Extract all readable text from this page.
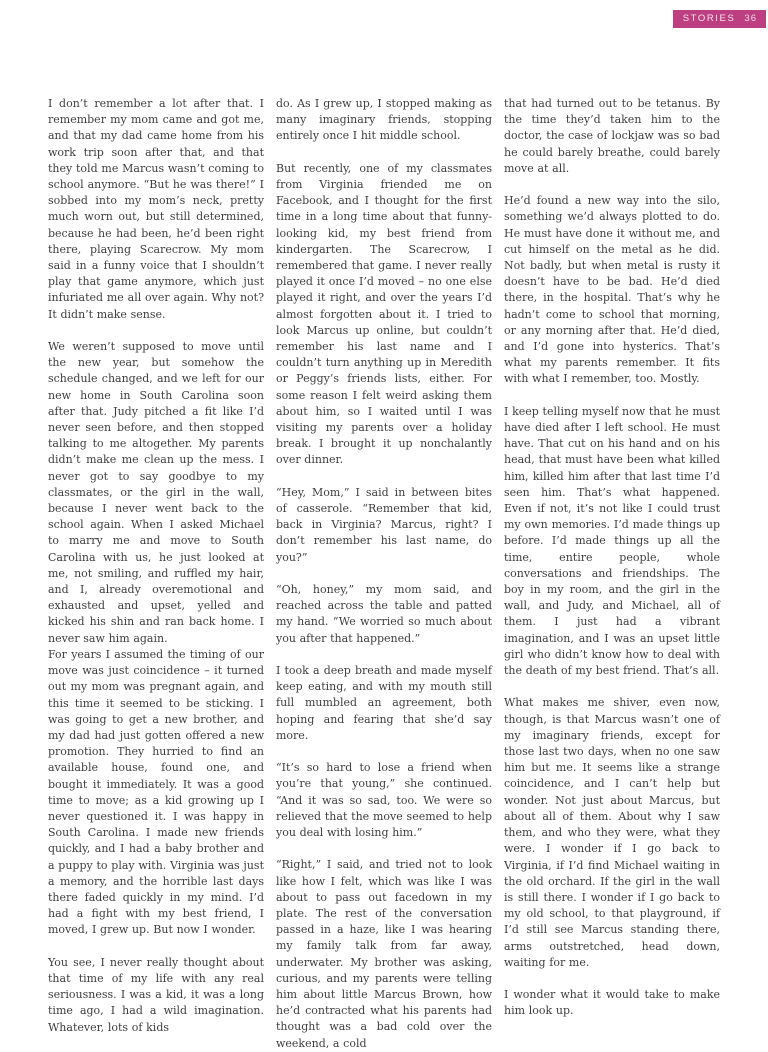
STORIES 36

I don’t remember a lot after that. I remember my mom came and got me, and that my dad came home from his work trip soon after that, and that they told me Marcus wasn’t coming to school anymore. “But he was there!” I sobbed into my mom’s neck, pretty much worn out, but still determined, because he had been, he’d been right there, playing Scarecrow. My mom said in a funny voice that I shouldn’t play that game anymore, which just infuriated me all over again. Why not? It didn’t make sense.

We weren’t supposed to move until the new year, but somehow the schedule changed, and we left for our new home in South Carolina soon after that. Judy pitched a fit like I’d never seen before, and then stopped talking to me altogether. My parents didn’t make me clean up the mess. I never got to say goodbye to my classmates, or the girl in the wall, because I never went back to the school again. When I asked Michael to marry me and move to South Carolina with us, he just looked at me, not smiling, and ruffled my hair, and I, already overemotional and exhausted and upset, yelled and kicked his shin and ran back home. I never saw him again.

For years I assumed the timing of our move was just coincidence – it turned out my mom was pregnant again, and this time it seemed to be sticking. I was going to get a new brother, and my dad had just gotten offered a new promotion. They hurried to find an available house, found one, and bought it immediately. It was a good time to move; as a kid growing up I never questioned it. I was happy in South Carolina. I made new friends quickly, and I had a baby brother and a puppy to play with. Virginia was just a memory, and the horrible last days there faded quickly in my mind. I’d had a fight with my best friend, I moved, I grew up. But now I wonder.

You see, I never really thought about that time of my life with any real seriousness. I was a kid, it was a long time ago, I had a wild imagination. Whatever, lots of kids

do. As I grew up, I stopped making as many imaginary friends, stopping entirely once I hit middle school.

But recently, one of my classmates from Virginia friended me on Facebook, and I thought for the first time in a long time about that funny-looking kid, my best friend from kindergarten. The Scarecrow, I remembered that game. I never really played it once I’d moved – no one else played it right, and over the years I’d almost forgotten about it. I tried to look Marcus up online, but couldn’t remember his last name and I couldn’t turn anything up in Meredith or Peggy’s friends lists, either. For some reason I felt weird asking them about him, so I waited until I was visiting my parents over a holiday break. I brought it up nonchalantly over dinner.

“Hey, Mom,” I said in between bites of casserole. “Remember that kid, back in Virginia? Marcus, right? I don’t remember his last name, do you?”

“Oh, honey,” my mom said, and reached across the table and patted my hand. “We worried so much about you after that happened.”

I took a deep breath and made myself keep eating, and with my mouth still full mumbled an agreement, both hoping and fearing that she’d say more.

“It’s so hard to lose a friend when you’re that young,” she continued. “And it was so sad, too. We were so relieved that the move seemed to help you deal with losing him.”

“Right,” I said, and tried not to look like how I felt, which was like I was about to pass out facedown in my plate. The rest of the conversation passed in a haze, like I was hearing my family talk from far away, underwater. My brother was asking, curious, and my parents were telling him about little Marcus Brown, how he’d contracted what his parents had thought was a bad cold over the weekend, a cold

that had turned out to be tetanus. By the time they’d taken him to the doctor, the case of lockjaw was so bad he could barely breathe, could barely move at all.

He’d found a new way into the silo, something we’d always plotted to do. He must have done it without me, and cut himself on the metal as he did. Not badly, but when metal is rusty it doesn’t have to be bad. He’d died there, in the hospital. That’s why he hadn’t come to school that morning, or any morning after that. He’d died, and I’d gone into hysterics. That’s what my parents remember. It fits with what I remember, too. Mostly.

I keep telling myself now that he must have died after I left school. He must have. That cut on his hand and on his head, that must have been what killed him, killed him after that last time I’d seen him. That’s what happened. Even if not, it’s not like I could trust my own memories. I’d made things up before. I’d made things up all the time, entire people, whole conversations and friendships. The boy in my room, and the girl in the wall, and Judy, and Michael, all of them. I just had a vibrant imagination, and I was an upset little girl who didn’t know how to deal with the death of my best friend. That’s all.

What makes me shiver, even now, though, is that Marcus wasn’t one of my imaginary friends, except for those last two days, when no one saw him but me. It seems like a strange coincidence, and I can’t help but wonder. Not just about Marcus, but about all of them. About why I saw them, and who they were, what they were. I wonder if I go back to Virginia, if I’d find Michael waiting in the old orchard. If the girl in the wall is still there. I wonder if I go back to my old school, to that playground, if I’d still see Marcus standing there, arms outstretched, head down, waiting for me.

I wonder what it would take to make him look up.
